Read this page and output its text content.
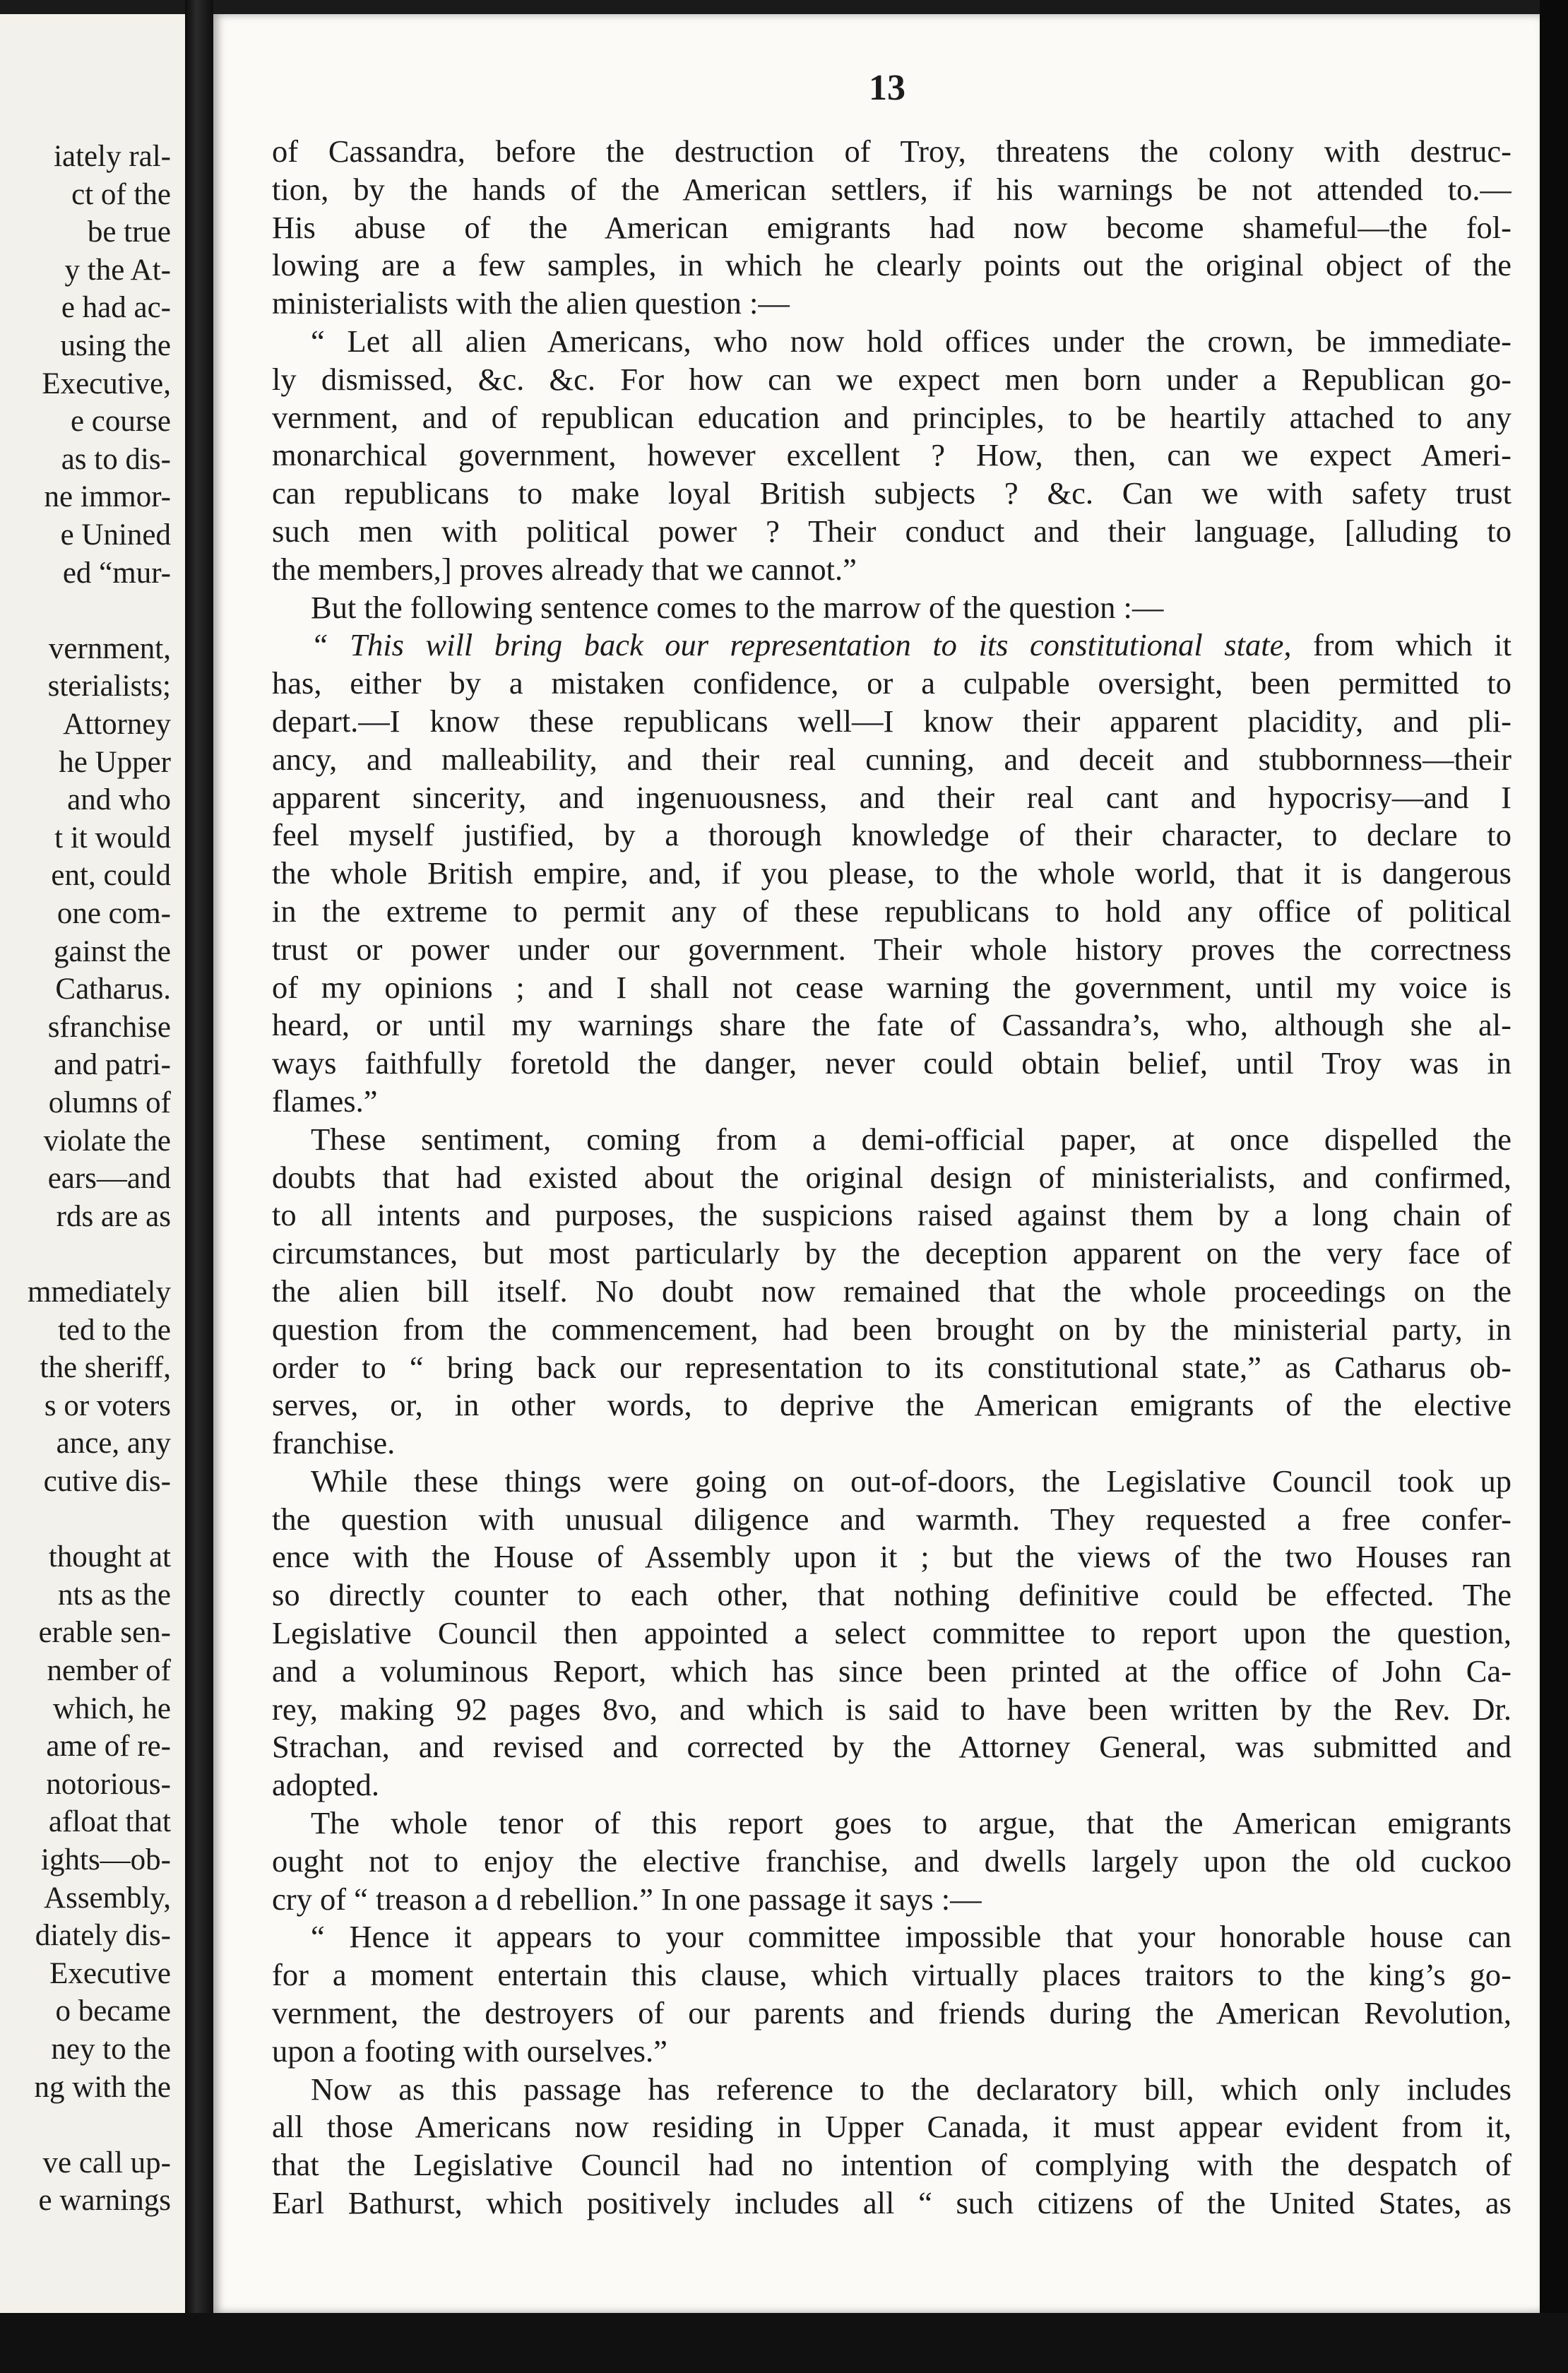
iately ral-
ct of the
be true
y the At-
e had ac-
using the
Executive,
e course
as to dis-
ne immor-
e Unined
ed “mur-
vernment,
sterialists;
Attorney
he Upper
and who
t it would
ent, could
one com-
gainst the
Catharus.
sfranchise
and patri-
olumns of
violate the
ears—and
rds are as
mmediately
ted to the
the sheriff,
s or voters
ance, any
cutive dis-
thought at
nts as the
erable sen-
nember of
which, he
ame of re-
notorious-
afloat that
ights—ob-
Assembly,
diately dis-
Executive
o became
ney to the
ng with the
ve call up-
e warnings
13
of Cassandra, before the destruction of Troy, threatens the colony with destruc-
tion, by the hands of the American settlers, if his warnings be not attended to.—
His abuse of the American emigrants had now become shameful—the fol-
lowing are a few samples, in which he clearly points out the original object of the
ministerialists with the alien question :—
“ Let all alien Americans, who now hold offices under the crown, be immediate-
ly dismissed, &c. &c. For how can we expect men born under a Republican go-
vernment, and of republican education and principles, to be heartily attached to any
monarchical government, however excellent ? How, then, can we expect Ameri-
can republicans to make loyal British subjects ? &c. Can we with safety trust
such men with political power ? Their conduct and their language, [alluding to
the members,] proves already that we cannot.”
But the following sentence comes to the marrow of the question :—
“ This will bring back our representation to its constitutional state, from which it
has, either by a mistaken confidence, or a culpable oversight, been permitted to
depart.—I know these republicans well—I know their apparent placidity, and pli-
ancy, and malleability, and their real cunning, and deceit and stubbornness—their
apparent sincerity, and ingenuousness, and their real cant and hypocrisy—and I
feel myself justified, by a thorough knowledge of their character, to declare to
the whole British empire, and, if you please, to the whole world, that it is dangerous
in the extreme to permit any of these republicans to hold any office of political
trust or power under our government. Their whole history proves the correctness
of my opinions ; and I shall not cease warning the government, until my voice is
heard, or until my warnings share the fate of Cassandra’s, who, although she al-
ways faithfully foretold the danger, never could obtain belief, until Troy was in
flames.”
These sentiment, coming from a demi-official paper, at once dispelled the
doubts that had existed about the original design of ministerialists, and confirmed,
to all intents and purposes, the suspicions raised against them by a long chain of
circumstances, but most particularly by the deception apparent on the very face of
the alien bill itself. No doubt now remained that the whole proceedings on the
question from the commencement, had been brought on by the ministerial party, in
order to “ bring back our representation to its constitutional state,” as Catharus ob-
serves, or, in other words, to deprive the American emigrants of the elective
franchise.
While these things were going on out-of-doors, the Legislative Council took up
the question with unusual diligence and warmth. They requested a free confer-
ence with the House of Assembly upon it ; but the views of the two Houses ran
so directly counter to each other, that nothing definitive could be effected. The
Legislative Council then appointed a select committee to report upon the question,
and a voluminous Report, which has since been printed at the office of John Ca-
rey, making 92 pages 8vo, and which is said to have been written by the Rev. Dr.
Strachan, and revised and corrected by the Attorney General, was submitted and
adopted.
The whole tenor of this report goes to argue, that the American emigrants
ought not to enjoy the elective franchise, and dwells largely upon the old cuckoo
cry of “ treason a d rebellion.” In one passage it says :—
“ Hence it appears to your committee impossible that your honorable house can
for a moment entertain this clause, which virtually places traitors to the king’s go-
vernment, the destroyers of our parents and friends during the American Revolution,
upon a footing with ourselves.”
Now as this passage has reference to the declaratory bill, which only includes
all those Americans now residing in Upper Canada, it must appear evident from it,
that the Legislative Council had no intention of complying with the despatch of
Earl Bathurst, which positively includes all “ such citizens of the United States, as
